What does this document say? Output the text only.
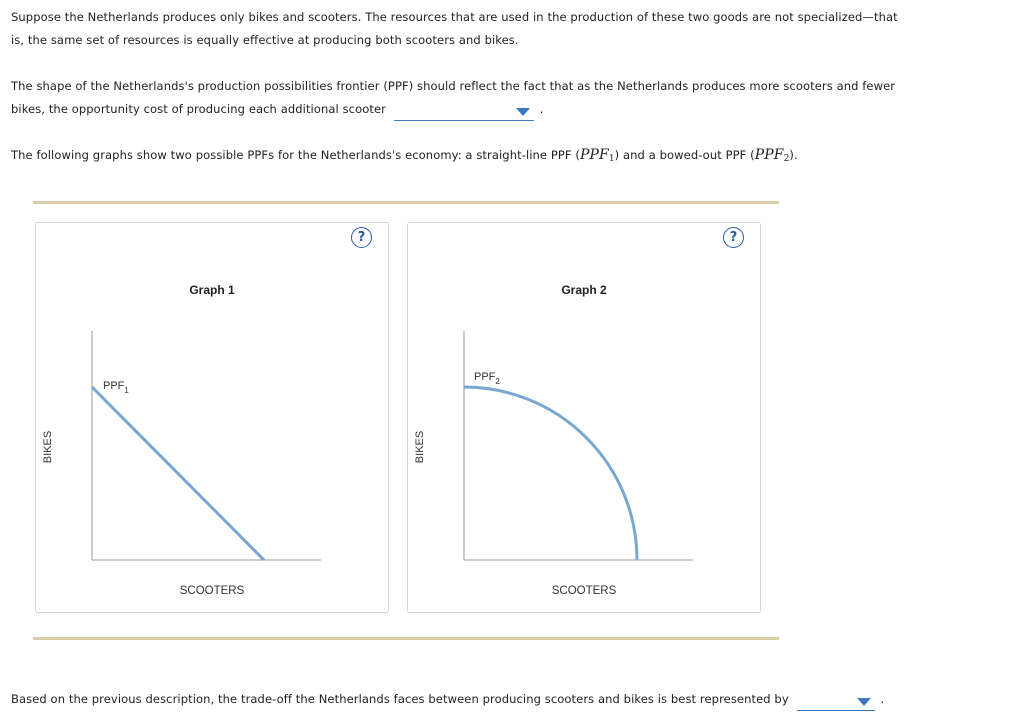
Suppose the Netherlands produces only bikes and scooters. The resources that are used in the production of these two goods are not specialized—that is, the same set of resources is equally effective at producing both scooters and bikes.
The shape of the Netherlands's production possibilities frontier (PPF) should reflect the fact that as the Netherlands produces more scooters and fewer bikes, the opportunity cost of producing each additional scooter	.
The following graphs show two possible PPFs for the Netherlands's economy: a straight-line PPF $(PPF_1)$ and a bowed-out PPF $(PPF_2)$.
?
Graph 1
$PPF_1$
BIKES
SCOOTERS
?
Graph 2
$PPF_2$
BIKES
SCOOTERS
Based on the previous description, the trade-off the Netherlands faces between producing scooters and bikes is best represented by	.
